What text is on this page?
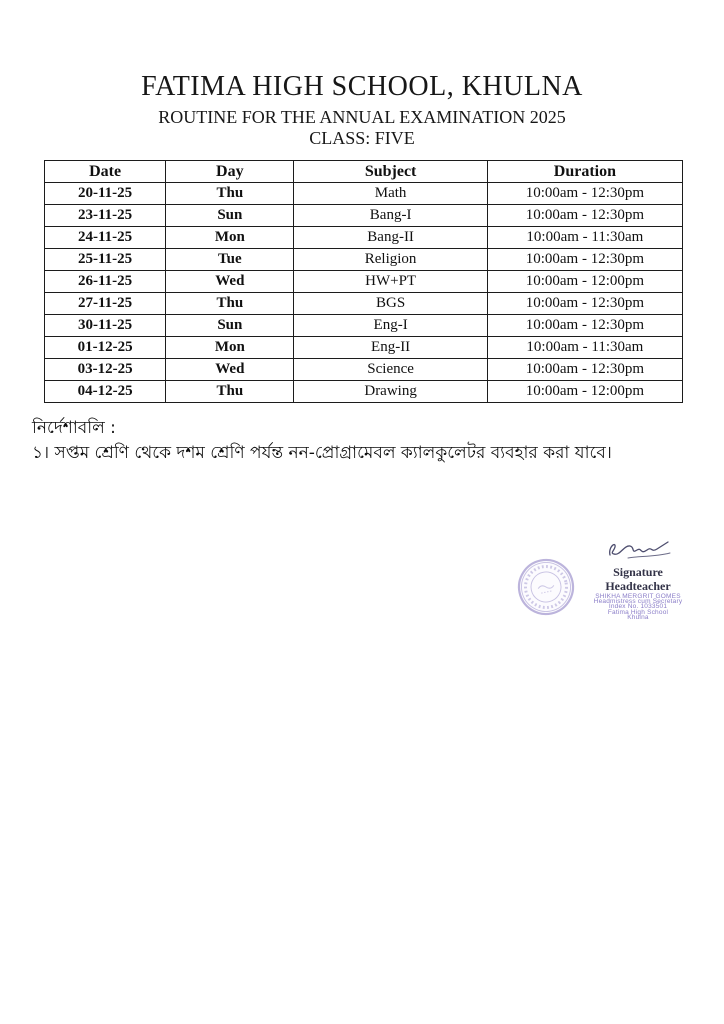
FATIMA HIGH SCHOOL, KHULNA
ROUTINE FOR THE ANNUAL EXAMINATION 2025
CLASS: FIVE
Date	Day	Subject	Duration
20-11-25	Thu	Math	10:00am - 12:30pm
23-11-25	Sun	Bang-I	10:00am - 12:30pm
24-11-25	Mon	Bang-II	10:00am - 11:30am
25-11-25	Tue	Religion	10:00am - 12:30pm
26-11-25	Wed	HW+PT	10:00am - 12:00pm
27-11-25	Thu	BGS	10:00am - 12:30pm
30-11-25	Sun	Eng-I	10:00am - 12:30pm
01-12-25	Mon	Eng-II	10:00am - 11:30am
03-12-25	Wed	Science	10:00am - 12:30pm
04-12-25	Thu	Drawing	10:00am - 12:00pm
নির্দেশাবলি :
১। সপ্তম শ্রেণি থেকে দশম শ্রেণি পর্যন্ত নন-প্রোগ্রামেবল ক্যালকুলেটর ব্যবহার করা যাবে।
Signature
Headteacher
SHIKHA MERGRIT GOMES
Headmistress cum Secretary
Index No. 1033501
Fatima High School
Khulna
